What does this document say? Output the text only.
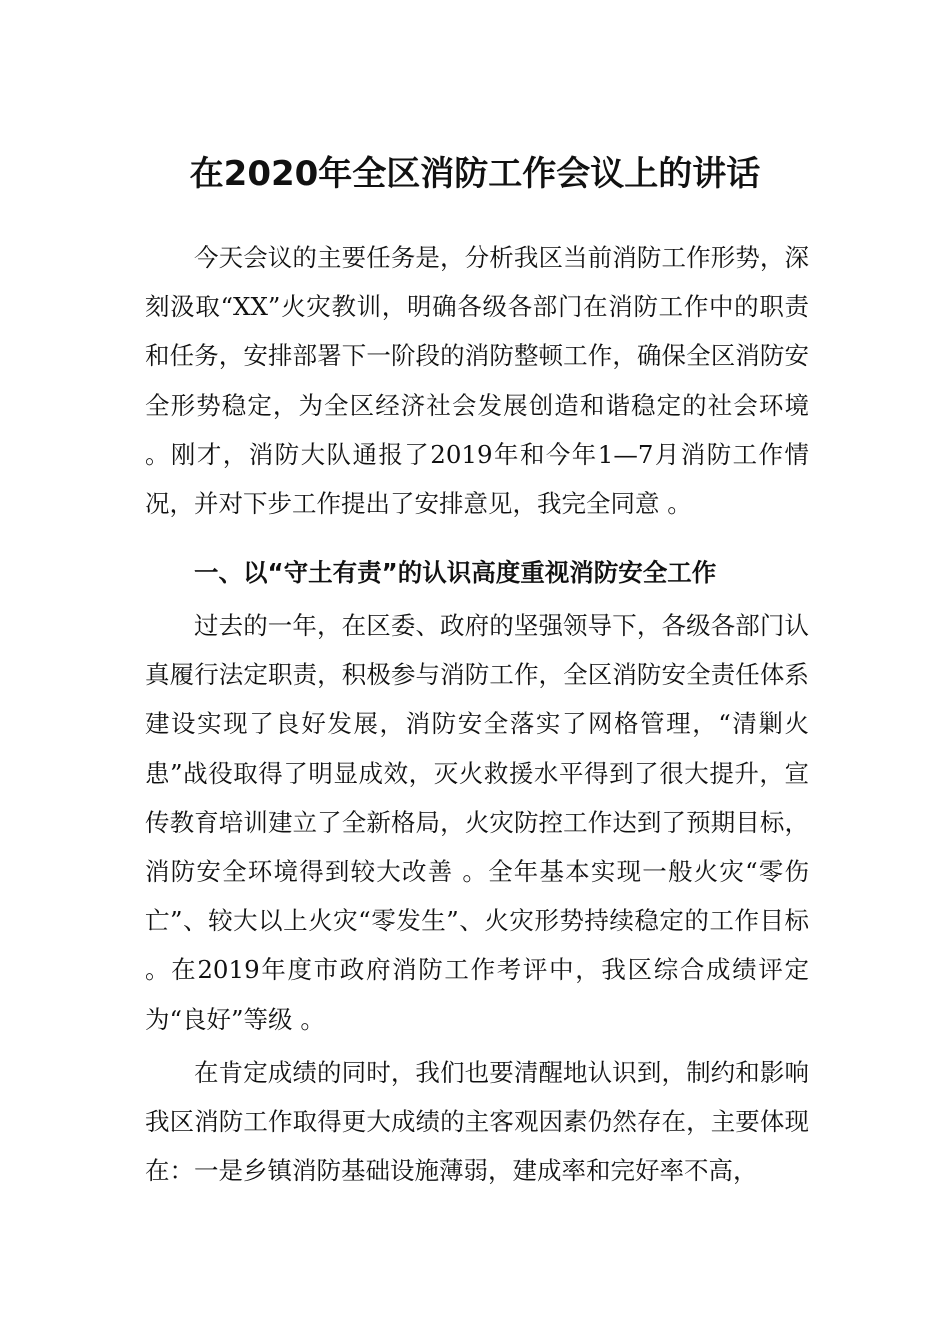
在2020年全区消防工作会议上的讲话

今天会议的主要任务是，分析我区当前消防工作形势，深刻汲取“XX”火灾教训，明确各级各部门在消防工作中的职责和任务，安排部署下一阶段的消防整顿工作，确保全区消防安全形势稳定，为全区经济社会发展创造和谐稳定的社会环境 。刚才，消防大队通报了2019年和今年1—7月消防工作情况，并对下步工作提出了安排意见，我完全同意 。

一、以“守土有责”的认识高度重视消防安全工作

过去的一年，在区委、政府的坚强领导下，各级各部门认真履行法定职责，积极参与消防工作，全区消防安全责任体系建设实现了良好发展，消防安全落实了网格管理，“清剿火患”战役取得了明显成效，灭火救援水平得到了很大提升，宣传教育培训建立了全新格局，火灾防控工作达到了预期目标，消防安全环境得到较大改善 。全年基本实现一般火灾“零伤亡”、较大以上火灾“零发生”、火灾形势持续稳定的工作目标 。在2019年度市政府消防工作考评中，我区综合成绩评定为“良好”等级 。

在肯定成绩的同时，我们也要清醒地认识到，制约和影响我区消防工作取得更大成绩的主客观因素仍然存在，主要体现在：一是乡镇消防基础设施薄弱，建成率和完好率不高，
